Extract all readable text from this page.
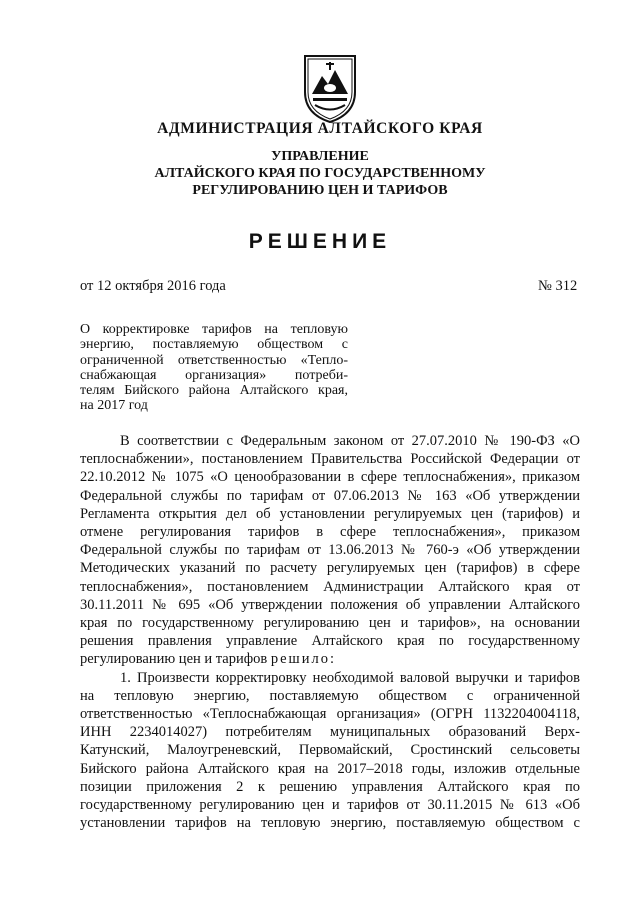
АДМИНИСТРАЦИЯ АЛТАЙСКОГО КРАЯ
УПРАВЛЕНИЕ
АЛТАЙСКОГО КРАЯ ПО ГОСУДАРСТВЕННОМУ
РЕГУЛИРОВАНИЮ ЦЕН И ТАРИФОВ
РЕШЕНИЕ
от 12 октября 2016 года	№ 312
О корректировке тарифов на тепловую
энергию, поставляемую обществом с
ограниченной ответственностью «Тепло-
снабжающая организация» потреби-
телям Бийского района Алтайского края,
на 2017 год
В соответствии с Федеральным законом от 27.07.2010 № 190-ФЗ «О
теплоснабжении», постановлением Правительства Российской Федерации от
22.10.2012 № 1075 «О ценообразовании в сфере теплоснабжения», приказом
Федеральной службы по тарифам от 07.06.2013 № 163 «Об утверждении
Регламента открытия дел об установлении регулируемых цен (тарифов) и
отмене регулирования тарифов в сфере теплоснабжения», приказом
Федеральной службы по тарифам от 13.06.2013 № 760-э «Об утверждении
Методических указаний по расчету регулируемых цен (тарифов) в сфере
теплоснабжения», постановлением Администрации Алтайского края от
30.11.2011 № 695 «Об утверждении положения об управлении Алтайского
края по государственному регулированию цен и тарифов», на основании
решения правления управление Алтайского края по государственному
регулированию цен и тарифов решило:
1. Произвести корректировку необходимой валовой выручки и тарифов
на тепловую энергию, поставляемую обществом с ограниченной
ответственностью «Теплоснабжающая организация» (ОГРН 1132204004118,
ИНН 2234014027) потребителям муниципальных образований Верх-
Катунский, Малоугреневский, Первомайский, Сростинский сельсоветы
Бийского района Алтайского края на 2017–2018 годы, изложив отдельные
позиции приложения 2 к решению управления Алтайского края по
государственному регулированию цен и тарифов от 30.11.2015 № 613 «Об
установлении тарифов на тепловую энергию, поставляемую обществом с
